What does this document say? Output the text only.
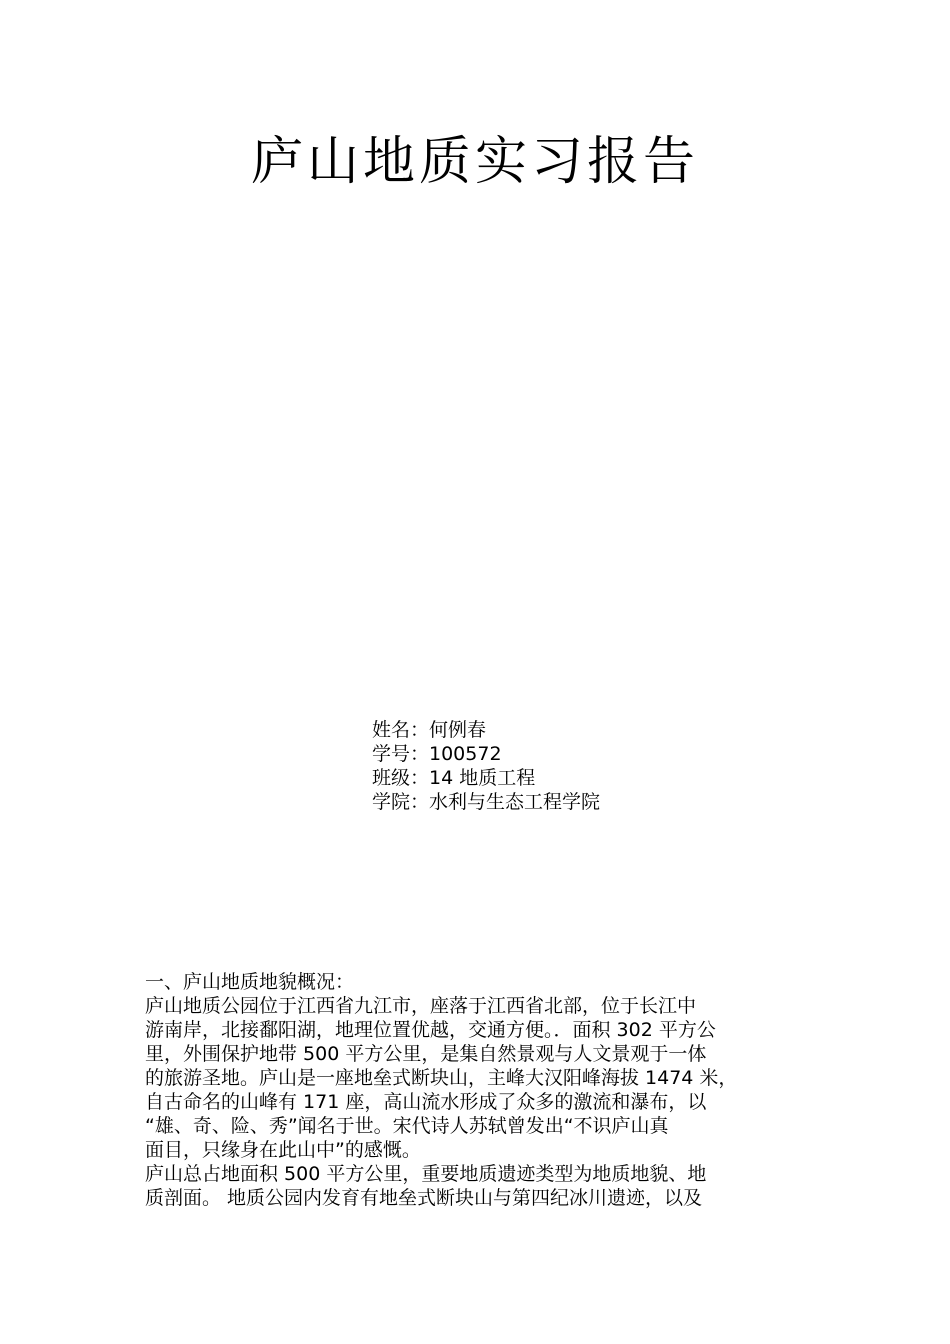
庐山地质实习报告
姓名：何例春
学号：100572
班级：14 地质工程
学院：水利与生态工程学院
一、庐山地质地貌概况：
庐山地质公园位于江西省九江市，座落于江西省北部，位于长江中
游南岸，北接鄱阳湖，地理位置优越，交通方便。．面积 302 平方公
里，外围保护地带 500 平方公里，是集自然景观与人文景观于一体
的旅游圣地。庐山是一座地垒式断块山，主峰大汉阳峰海拔 1474 米，
自古命名的山峰有 171 座，高山流水形成了众多的激流和瀑布，以
“雄、奇、险、秀”闻名于世。宋代诗人苏轼曾发出“不识庐山真
面目，只缘身在此山中”的感慨。
庐山总占地面积 500 平方公里，重要地质遗迹类型为地质地貌、地
质剖面。 地质公园内发育有地垒式断块山与第四纪冰川遗迹，以及
